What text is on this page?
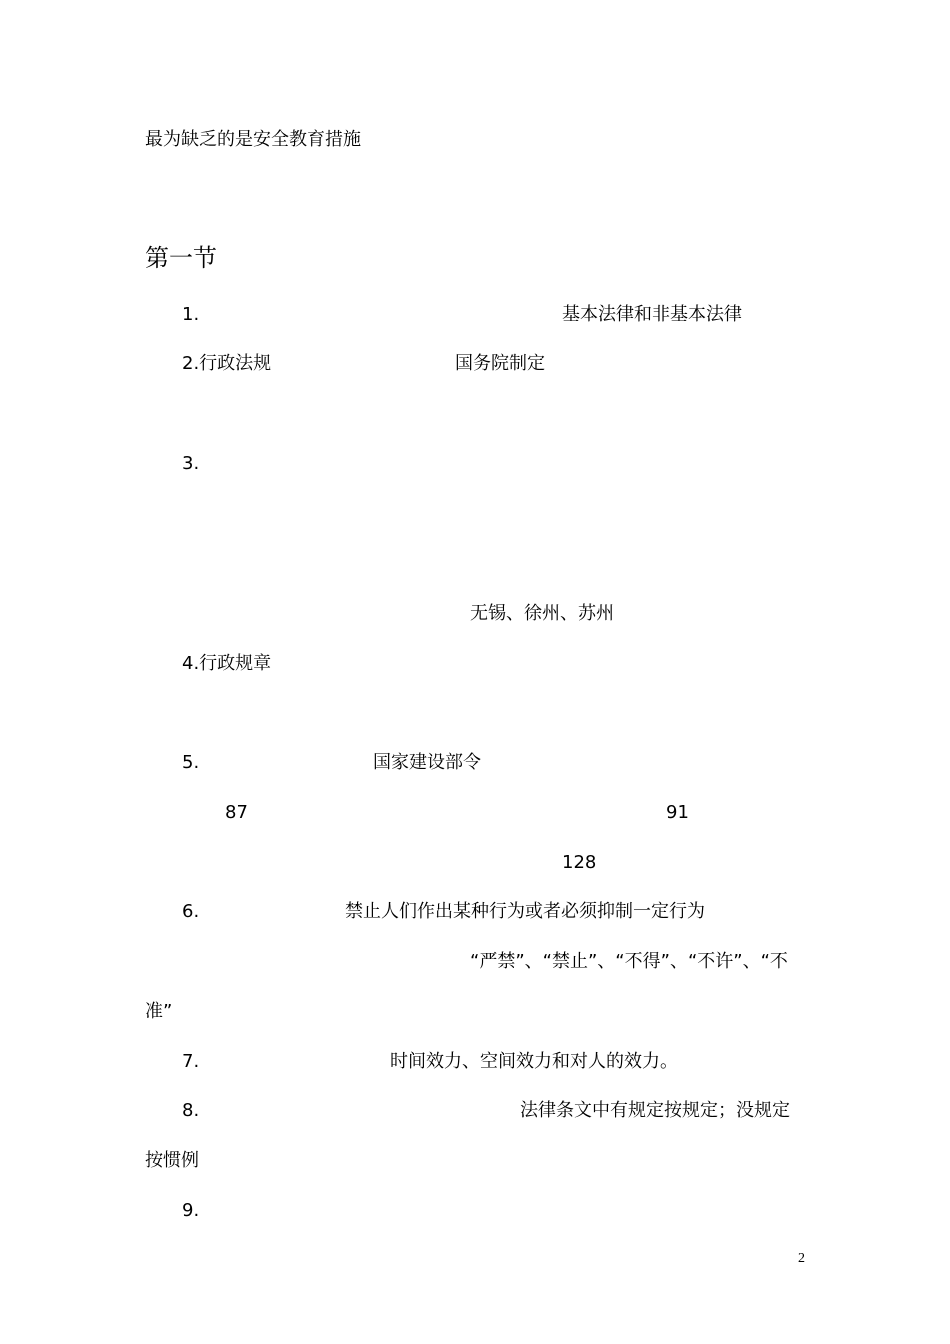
最为缺乏的是安全教育措施
第一节
1.	基本法律和非基本法律
2.行政法规	国务院制定
3.
无锡、徐州、苏州
4.行政规章
5.	国家建设部令
87	91
128
6.	禁止人们作出某种行为或者必须抑制一定行为
“严禁”、“禁止”、“不得”、“不许”、“不
准”
7.	时间效力、空间效力和对人的效力。
8.	法律条文中有规定按规定；没规定
按惯例
9.
2
